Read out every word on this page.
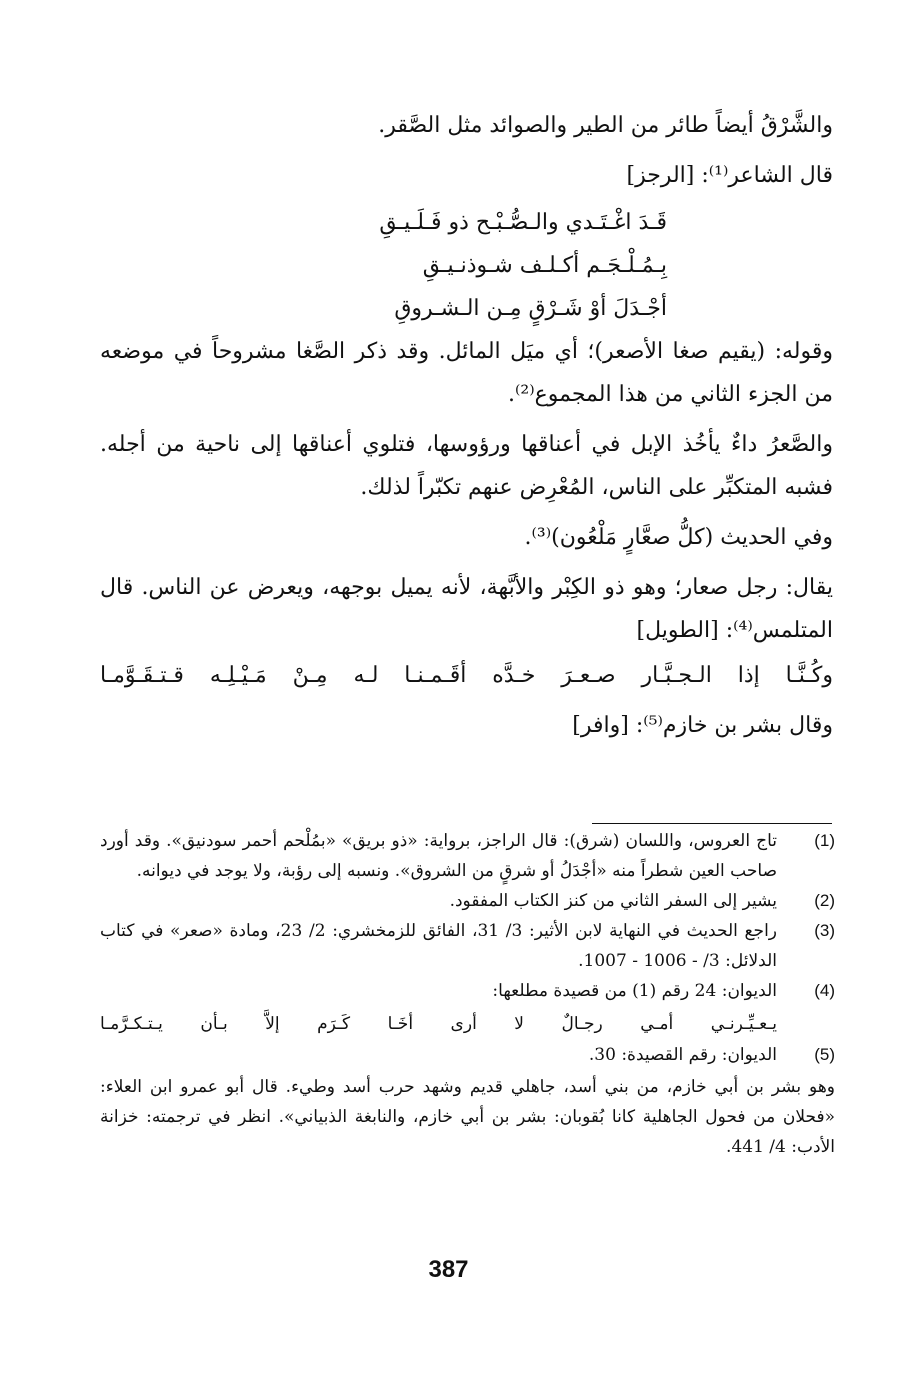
والشَّرْقُ أيضاً طائر من الطير والصوائد مثل الصَّقر.

قال الشاعر⁽¹⁾: [الرجز]

قَـدَ اغْـتَـدي والـصُّـبْـح ذو فَـلَـيـقِ

بِـمُـلْـجَـم أكـلـف شـوذنـيـقِ

أجْـدَلَ أوْ شَـرْقٍ مِـن الـشـروقِ

وقوله: (يقيم صغا الأصعر)؛ أي ميَل المائل. وقد ذكر الصَّغا مشروحاً في موضعه من الجزء الثاني من هذا المجموع⁽²⁾.

والصَّعرُ داءٌ يأخُذ الإبل في أعناقها ورؤوسها، فتلوي أعناقها إلى ناحية من أجله. فشبه المتكبِّر على الناس، المُعْرِض عنهم تكبّراً لذلك.

وفي الحديث (كلُّ صعَّارٍ مَلْعُون)⁽³⁾.

يقال: رجل صعار؛ وهو ذو الكِبْر والأبَّهة، لأنه يميل بوجهه، ويعرض عن الناس. قال المتلمس⁽⁴⁾: [الطويل]

وكُـنَّـا إذا الـجـبَّـار صـعـرَ خـدَّه أقَـمـنـا لـه مِـنْ مَـيْـلِـه قـتـقَـوَّمـا

وقال بشر بن خازم⁽⁵⁾: [وافر]

(1)
تاج العروس، واللسان (شرق): قال الراجز، برواية: «ذو بريق» «بمُلْحم أحمر سودنيق». وقد أورد صاحب العين شطراً منه «أجْدَلُ أو شرقٍ من الشروق». ونسبه إلى رؤبة، ولا يوجد في ديوانه.
(2)
يشير إلى السفر الثاني من كنز الكتاب المفقود.
(3)
راجع الحديث في النهاية لابن الأثير: 3/ 31، الفائق للزمخشري: 2/ 23، ومادة «صعر» في كتاب الدلائل: 3/ - 1006 - 1007.
(4)
الديوان: 24 رقم (1) من قصيدة مطلعها:

يـعـيِّـرنـي أمـي رجـالٌ لا أرى أخَـا كَـرَم إلاَّ بـأن يـتـكـرَّمـا

(5)
الديوان: رقم القصيدة: 30.

وهو بشر بن أبي خازم، من بني أسد، جاهلي قديم وشهد حرب أسد وطيء. قال أبو عمرو ابن العلاء: «فحلان من فحول الجاهلية كانا بُقوبان: بشر بن أبي خازم، والنابغة الذبياني». انظر في ترجمته: خزانة الأدب: 4/ 441.

387
